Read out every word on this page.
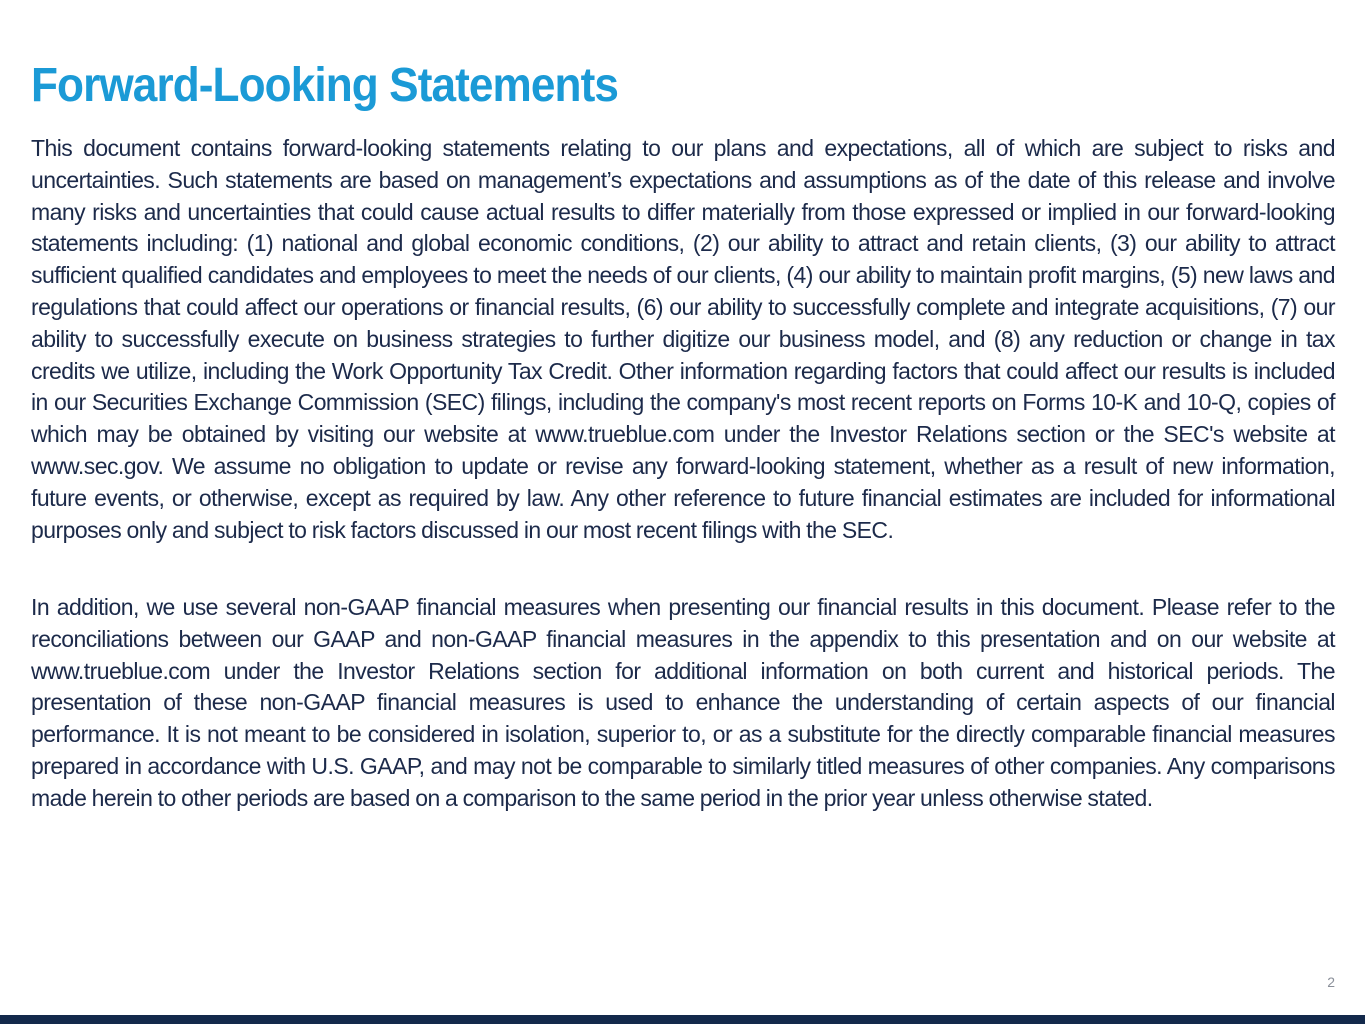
Forward-Looking Statements

This document contains forward-looking statements relating to our plans and expectations, all of which are subject to risks and uncertainties. Such statements are based on management’s expectations and assumptions as of the date of this release and involve many risks and uncertainties that could cause actual results to differ materially from those expressed or implied in our forward-looking statements including: (1) national and global economic conditions, (2) our ability to attract and retain clients, (3) our ability to attract sufficient qualified candidates and employees to meet the needs of our clients, (4) our ability to maintain profit margins, (5) new laws and regulations that could affect our operations or financial results, (6) our ability to successfully complete and integrate acquisitions, (7) our ability to successfully execute on business strategies to further digitize our business model, and (8) any reduction or change in tax credits we utilize, including the Work Opportunity Tax Credit. Other information regarding factors that could affect our results is included in our Securities Exchange Commission (SEC) filings, including the company's most recent reports on Forms 10-K and 10-Q, copies of which may be obtained by visiting our website at www.trueblue.com under the Investor Relations section or the SEC's website at www.sec.gov. We assume no obligation to update or revise any forward-looking statement, whether as a result of new information, future events, or otherwise, except as required by law. Any other reference to future financial estimates are included for informational purposes only and subject to risk factors discussed in our most recent filings with the SEC.

In addition, we use several non-GAAP financial measures when presenting our financial results in this document. Please refer to the reconciliations between our GAAP and non-GAAP financial measures in the appendix to this presentation and on our website at www.trueblue.com under the Investor Relations section for additional information on both current and historical periods. The presentation of these non-GAAP financial measures is used to enhance the understanding of certain aspects of our financial performance. It is not meant to be considered in isolation, superior to, or as a substitute for the directly comparable financial measures prepared in accordance with U.S. GAAP, and may not be comparable to similarly titled measures of other companies. Any comparisons made herein to other periods are based on a comparison to the same period in the prior year unless otherwise stated.

2
